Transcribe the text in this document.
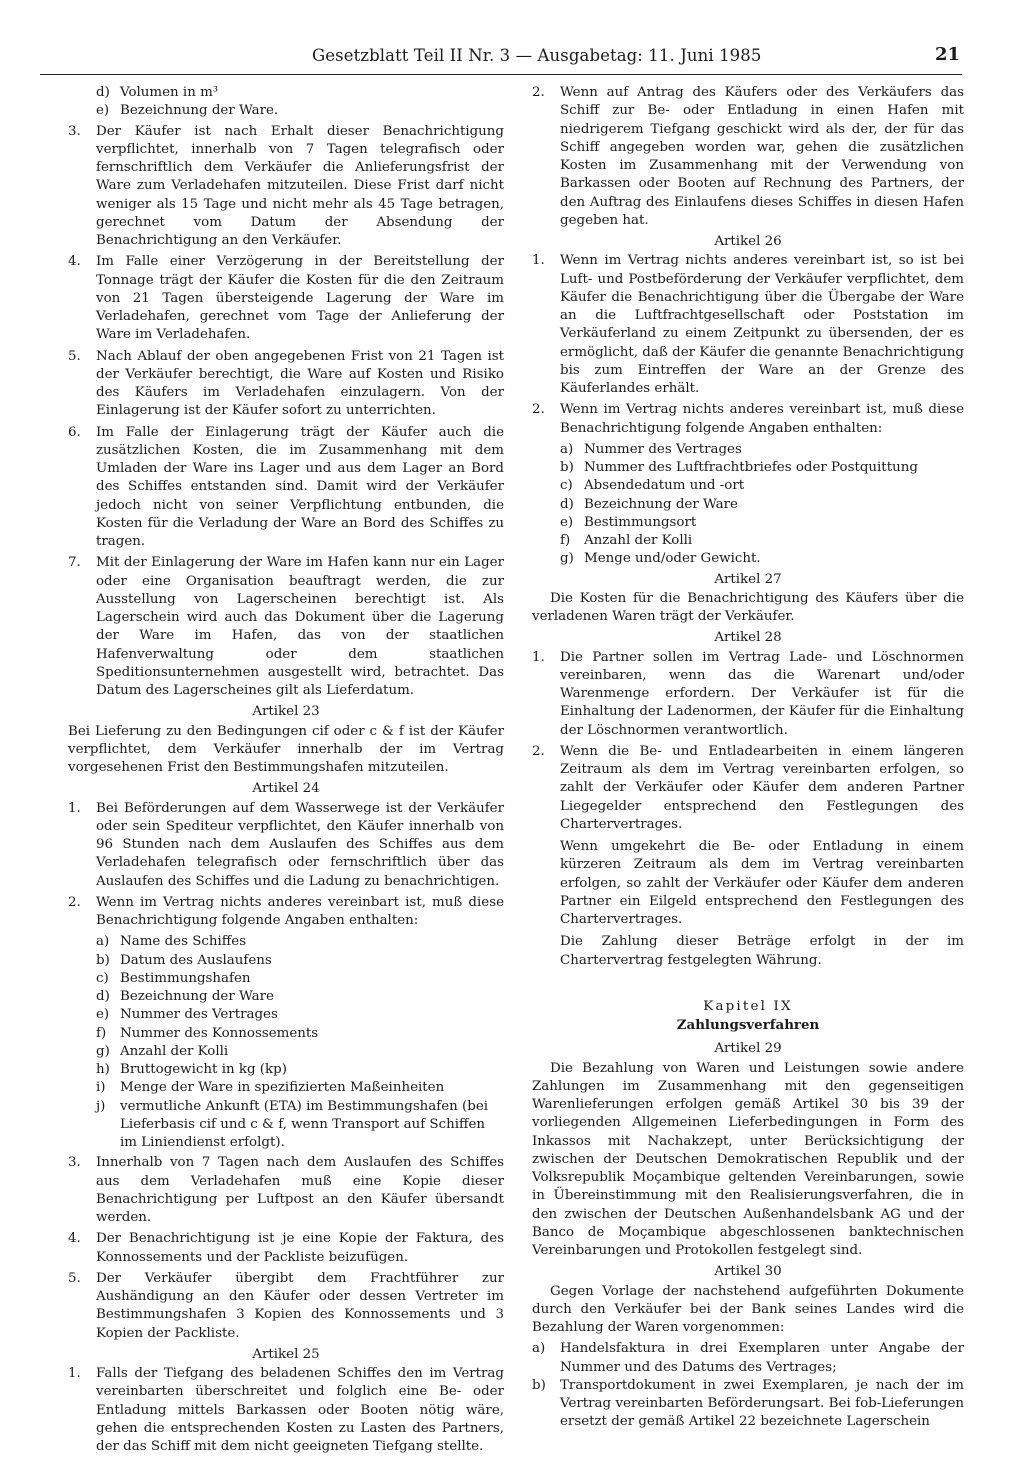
Gesetzblatt Teil II Nr. 3 — Ausgabetag: 11. Juni 1985	21
d) Volumen in m³
e) Bezeichnung der Ware.
3.	Der Käufer ist nach Erhalt dieser Benachrichtigung verpflichtet, innerhalb von 7 Tagen telegrafisch oder fernschriftlich dem Verkäufer die Anlieferungsfrist der Ware zum Verladehafen mitzuteilen. Diese Frist darf nicht weniger als 15 Tage und nicht mehr als 45 Tage betragen, gerechnet vom Datum der Absendung der Benachrichtigung an den Verkäufer.
4.	Im Falle einer Verzögerung in der Bereitstellung der Tonnage trägt der Käufer die Kosten für die den Zeitraum von 21 Tagen übersteigende Lagerung der Ware im Verladehafen, gerechnet vom Tage der Anlieferung der Ware im Verladehafen.
5.	Nach Ablauf der oben angegebenen Frist von 21 Tagen ist der Verkäufer berechtigt, die Ware auf Kosten und Risiko des Käufers im Verladehafen einzulagern. Von der Einlagerung ist der Käufer sofort zu unterrichten.
6.	Im Falle der Einlagerung trägt der Käufer auch die zusätzlichen Kosten, die im Zusammenhang mit dem Umladen der Ware ins Lager und aus dem Lager an Bord des Schiffes entstanden sind. Damit wird der Verkäufer jedoch nicht von seiner Verpflichtung entbunden, die Kosten für die Verladung der Ware an Bord des Schiffes zu tragen.
7.	Mit der Einlagerung der Ware im Hafen kann nur ein Lager oder eine Organisation beauftragt werden, die zur Ausstellung von Lagerscheinen berechtigt ist. Als Lagerschein wird auch das Dokument über die Lagerung der Ware im Hafen, das von der staatlichen Hafenverwaltung oder dem staatlichen Speditionsunternehmen ausgestellt wird, betrachtet. Das Datum des Lagerscheines gilt als Lieferdatum.
Artikel 23

Bei Lieferung zu den Bedingungen cif oder c & f ist der Käufer verpflichtet, dem Verkäufer innerhalb der im Vertrag vorgesehenen Frist den Bestimmungshafen mitzuteilen.

Artikel 24
1.	Bei Beförderungen auf dem Wasserwege ist der Verkäufer oder sein Spediteur verpflichtet, den Käufer innerhalb von 96 Stunden nach dem Auslaufen des Schiffes aus dem Verladehafen telegrafisch oder fernschriftlich über das Auslaufen des Schiffes und die Ladung zu benachrichtigen.
2.	Wenn im Vertrag nichts anderes vereinbart ist, muß diese Benachrichtigung folgende Angaben enthalten:
a) Name des Schiffes
b) Datum des Auslaufens
c) Bestimmungshafen
d) Bezeichnung der Ware
e) Nummer des Vertrages
f)	Nummer des Konnossements
g) Anzahl der Kolli
h) Bruttogewicht in kg (kp)
i)	Menge der Ware in spezifizierten Maßeinheiten
j)	vermutliche Ankunft (ETA) im Bestimmungshafen (bei Lieferbasis cif und c & f, wenn Transport auf Schiffen im Liniendienst erfolgt).
3.	Innerhalb von 7 Tagen nach dem Auslaufen des Schiffes aus dem Verladehafen muß eine Kopie dieser Benachrichtigung per Luftpost an den Käufer übersandt werden.
4.	Der Benachrichtigung ist je eine Kopie der Faktura, des Konnossements und der Packliste beizufügen.
5.	Der Verkäufer übergibt dem Frachtführer zur Aushändigung an den Käufer oder dessen Vertreter im Bestimmungshafen 3 Kopien des Konnossements und 3 Kopien der Packliste.
Artikel 25
1.	Falls der Tiefgang des beladenen Schiffes den im Vertrag vereinbarten überschreitet und folglich eine Be- oder Entladung mittels Barkassen oder Booten nötig wäre, gehen die entsprechenden Kosten zu Lasten des Partners, der das Schiff mit dem nicht geeigneten Tiefgang stellte.
2.	Wenn auf Antrag des Käufers oder des Verkäufers das Schiff zur Be- oder Entladung in einen Hafen mit niedrigerem Tiefgang geschickt wird als der, der für das Schiff angegeben worden war, gehen die zusätzlichen Kosten im Zusammenhang mit der Verwendung von Barkassen oder Booten auf Rechnung des Partners, der den Auftrag des Einlaufens dieses Schiffes in diesen Hafen gegeben hat.
Artikel 26
1.	Wenn im Vertrag nichts anderes vereinbart ist, so ist bei Luft- und Postbeförderung der Verkäufer verpflichtet, dem Käufer die Benachrichtigung über die Übergabe der Ware an die Luftfrachtgesellschaft oder Poststation im Verkäuferland zu einem Zeitpunkt zu übersenden, der es ermöglicht, daß der Käufer die genannte Benachrichtigung bis zum Eintreffen der Ware an der Grenze des Käuferlandes erhält.
2.	Wenn im Vertrag nichts anderes vereinbart ist, muß diese Benachrichtigung folgende Angaben enthalten:
a) Nummer des Vertrages
b) Nummer des Luftfrachtbriefes oder Postquittung
c) Absendedatum und -ort
d) Bezeichnung der Ware
e) Bestimmungsort
f)	Anzahl der Kolli
g) Menge und/oder Gewicht.
Artikel 27

Die Kosten für die Benachrichtigung des Käufers über die verladenen Waren trägt der Verkäufer.

Artikel 28
1.	Die Partner sollen im Vertrag Lade- und Löschnormen vereinbaren, wenn das die Warenart und/oder Warenmenge erfordern. Der Verkäufer ist für die Einhaltung der Ladenormen, der Käufer für die Einhaltung der Löschnormen verantwortlich.
2.	Wenn die Be- und Entladearbeiten in einem längeren Zeitraum als dem im Vertrag vereinbarten erfolgen, so zahlt der Verkäufer oder Käufer dem anderen Partner Liegegelder entsprechend den Festlegungen des Chartervertrages.

Wenn umgekehrt die Be- oder Entladung in einem kürzeren Zeitraum als dem im Vertrag vereinbarten erfolgen, so zahlt der Verkäufer oder Käufer dem anderen Partner ein Eilgeld entsprechend den Festlegungen des Chartervertrages.

Die Zahlung dieser Beträge erfolgt in der im Chartervertrag festgelegten Währung.

Kapitel IX
Zahlungsverfahren
Artikel 29

Die Bezahlung von Waren und Leistungen sowie andere Zahlungen im Zusammenhang mit den gegenseitigen Warenlieferungen erfolgen gemäß Artikel 30 bis 39 der vorliegenden Allgemeinen Lieferbedingungen in Form des Inkassos mit Nachakzept, unter Berücksichtigung der zwischen der Deutschen Demokratischen Republik und der Volksrepublik Moçambique geltenden Vereinbarungen, sowie in Übereinstimmung mit den Realisierungsverfahren, die in den zwischen der Deutschen Außenhandelsbank AG und der Banco de Moçambique abgeschlossenen banktechnischen Vereinbarungen und Protokollen festgelegt sind.

Artikel 30

Gegen Vorlage der nachstehend aufgeführten Dokumente durch den Verkäufer bei der Bank seines Landes wird die Bezahlung der Waren vorgenommen:

a)	Handelsfaktura in drei Exemplaren unter Angabe der Nummer und des Datums des Vertrages;
b)	Transportdokument in zwei Exemplaren, je nach der im Vertrag vereinbarten Beförderungsart. Bei fob-Lieferungen ersetzt der gemäß Artikel 22 bezeichnete Lagerschein
